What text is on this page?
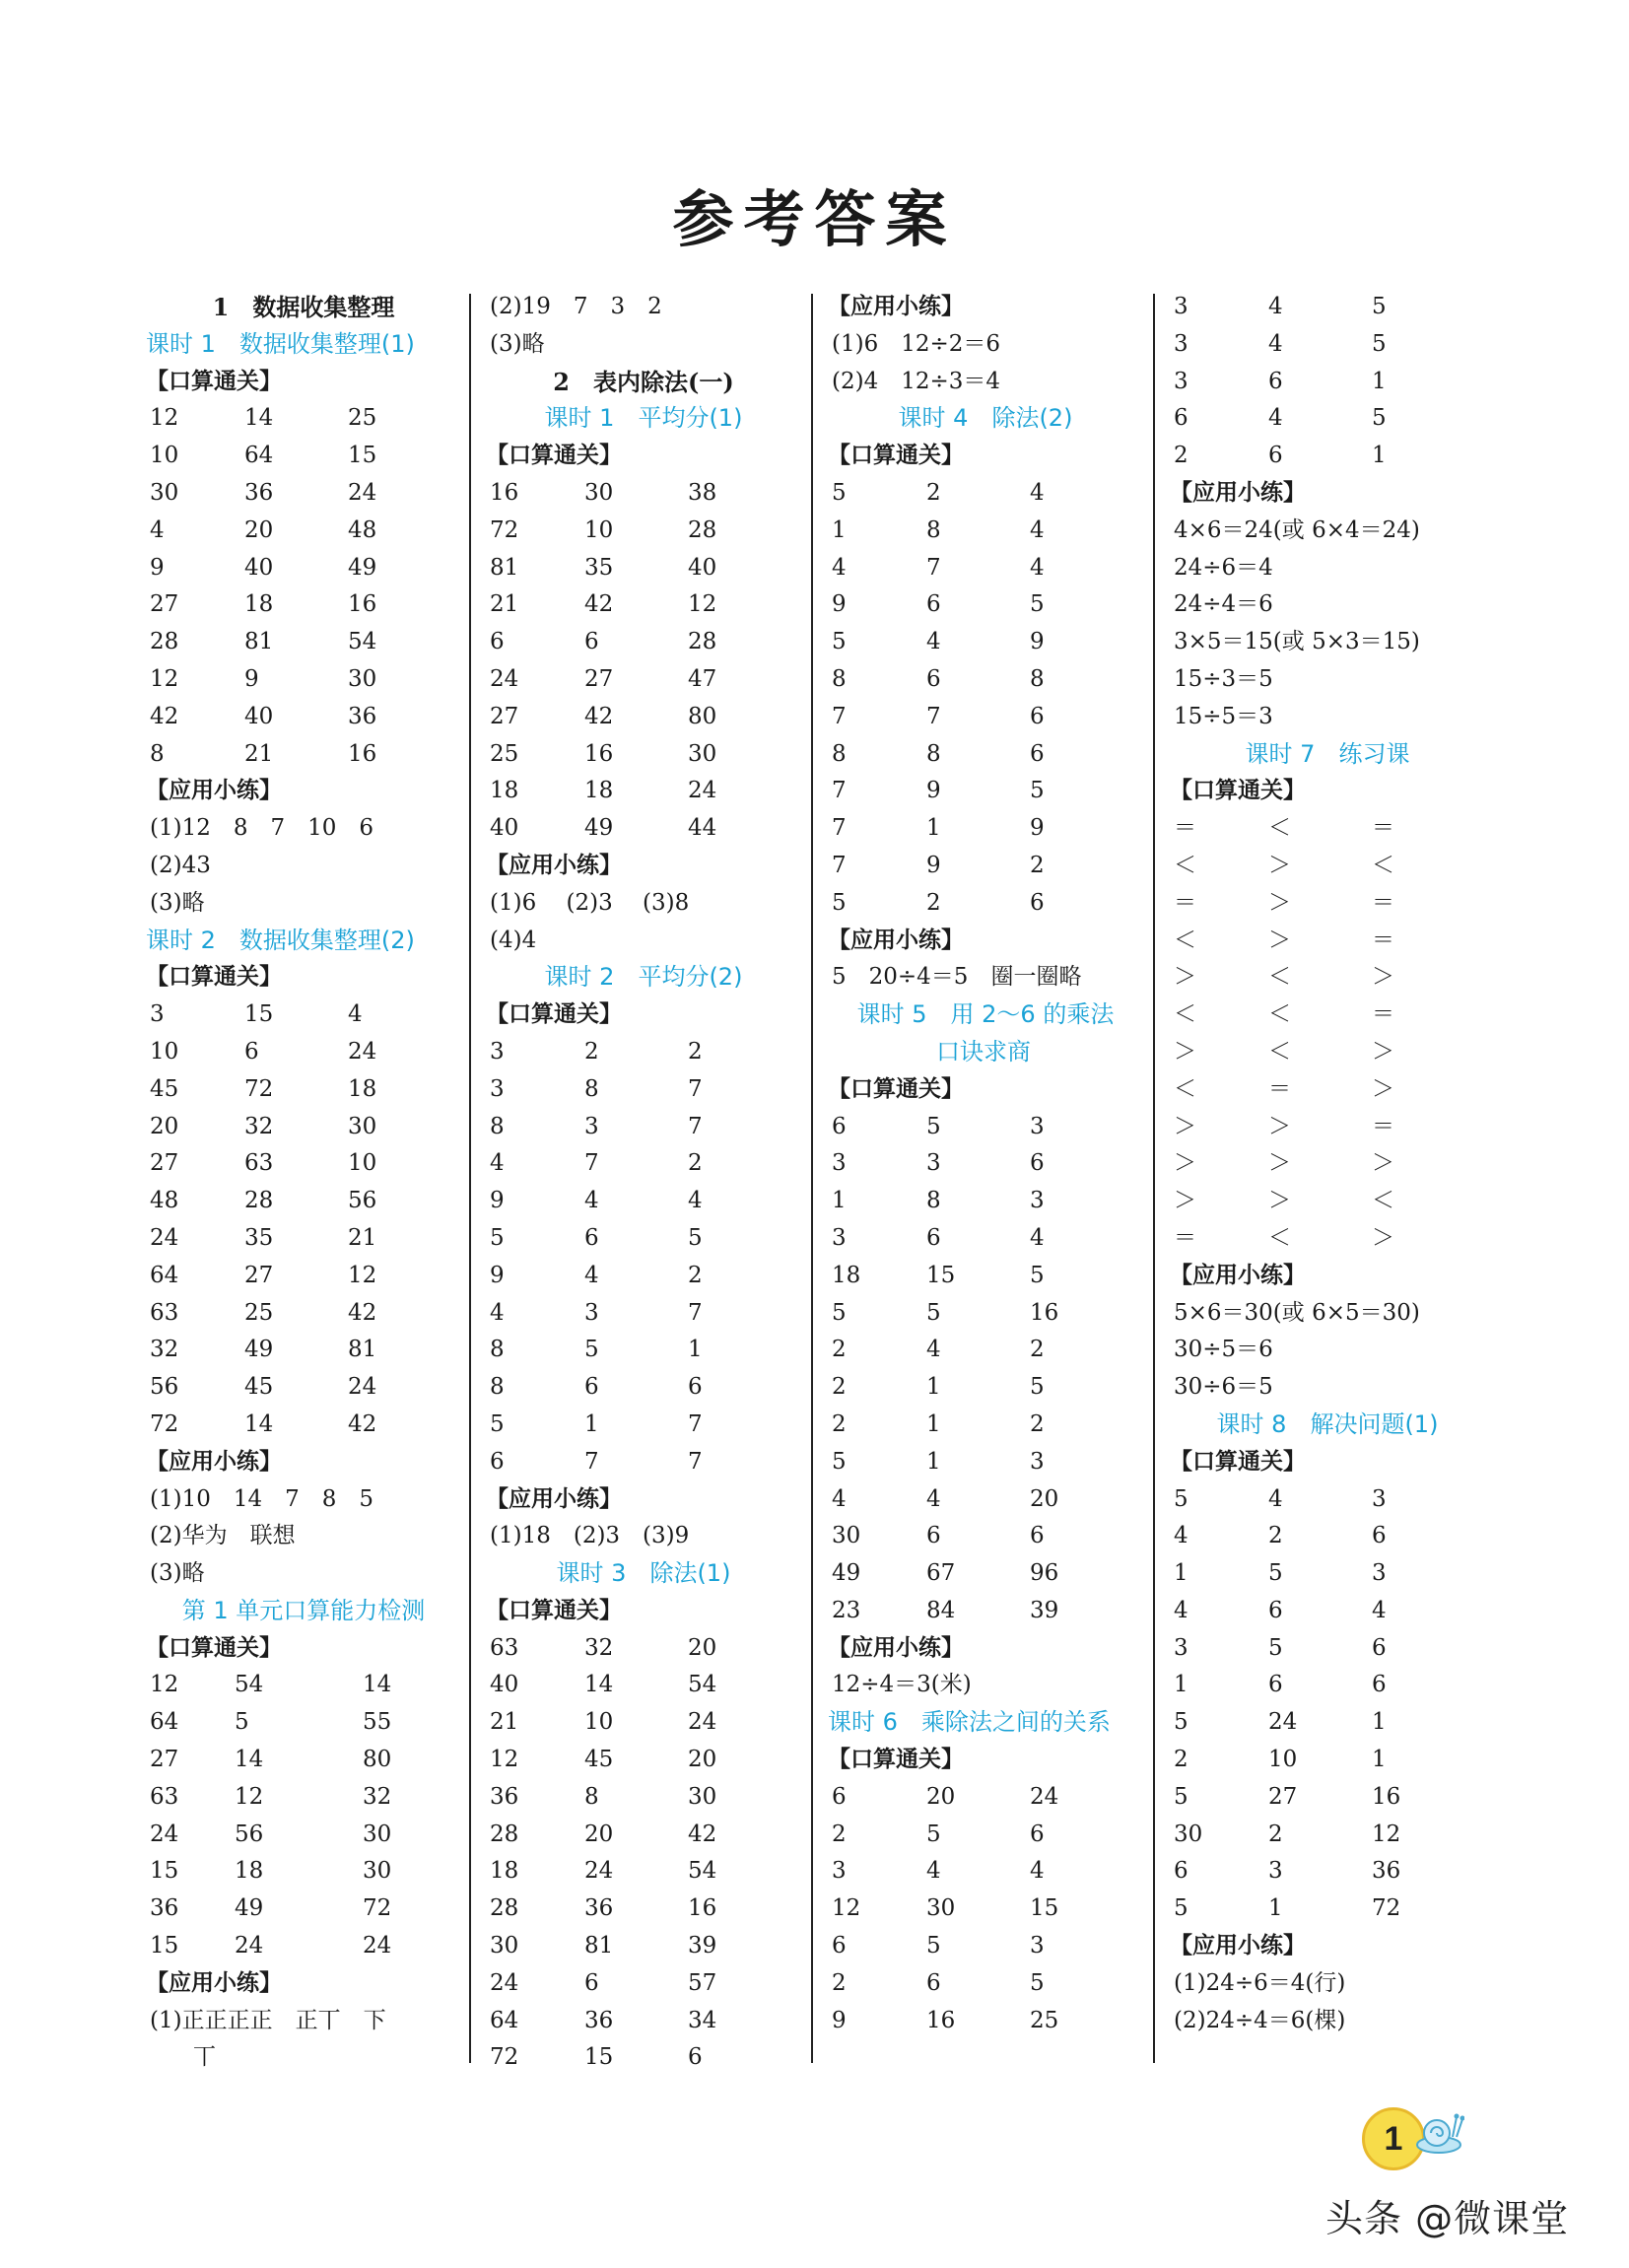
参考答案
1　数据收集整理
课时 1　数据收集整理(1)
【口算通关】
12	14	25
10	64	15
30	36	24
4	20	48
9	40	49
27	18	16
28	81	54
12	9	30
42	40	36
8	21	16
【应用小练】
(1)12　8　7　10　6
(2)43
(3)略
课时 2　数据收集整理(2)
【口算通关】
3	15	4
10	6	24
45	72	18
20	32	30
27	63	10
48	28	56
24	35	21
64	27	12
63	25	42
32	49	81
56	45	24
72	14	42
【应用小练】
(1)10　14　7　8　5
(2)华为　联想
(3)略
第 1 单元口算能力检测
【口算通关】
12 54	14
64 5	55
27 14	80
63 12	32
24 56	30
15 18	30
36 49	72
15 24	24
【应用小练】
(1)正正正正　正丅　下
丅
(2)19　7　3　2
(3)略
2　表内除法(一)
课时 1　平均分(1)
【口算通关】
16	30	38
72	10	28
81	35	40
21	42	12
6	6	28
24	27	47
27	42	80
25	16	30
18	18	24
40	49	44
【应用小练】
(1)6　 (2)3　 (3)8
(4)4
课时 2　平均分(2)
【口算通关】
3	2	2
3	8	7
8	3	7
4	7	2
9	4	4
5	6	5
9	4	2
4	3	7
8	5	1
8	6	6
5	1	7
6	7	7
【应用小练】
(1)18　(2)3　(3)9
课时 3　除法(1)
【口算通关】
63	32	20
40	14	54
21	10	24
12	45	20
36	8	30
28	20	42
18	24	54
28	36	16
30	81	39
24	6	57
64	36	34
72	15	6
【应用小练】
(1)6　12÷2＝6
(2)4　12÷3＝4
课时 4　除法(2)
【口算通关】
5	2	4
1	8	4
4	7	4
9	6	5
5	4	9
8	6	8
7	7	6
8	8	6
7	9	5
7	1	9
7	9	2
5	2	6
【应用小练】
5　20÷4＝5　圈一圈略
课时 5　用 2～6 的乘法
口诀求商
【口算通关】
6	5	3
3	3	6
1	8	3
3	6	4
18	15	5
5	5	16
2	4	2
2	1	5
2	1	2
5	1	3
4	4	20
30	6	6
49	67	96
23	84	39
【应用小练】
12÷4＝3(米)
课时 6　乘除法之间的关系
【口算通关】
6	20	24
2	5	6
3	4	4
12	30	15
6	5	3
2	6	5
9	16	25
3	4	5
3	4	5
3	6	1
6	4	5
2	6	1
【应用小练】
4×6＝24(或 6×4＝24)
24÷6＝4
24÷4＝6
3×5＝15(或 5×3＝15)
15÷3＝5
15÷5＝3
课时 7　练习课
【口算通关】
＝	＜	＝
＜	＞	＜
＝	＞	＝
＜	＞	＝
＞	＜	＞
＜	＜	＝
＞	＜	＞
＜	＝	＞
＞	＞	＝
＞	＞	＞
＞	＞	＜
＝	＜	＞
【应用小练】
5×6＝30(或 6×5＝30)
30÷5＝6
30÷6＝5
课时 8　解决问题(1)
【口算通关】
5	4	3
4	2	6
1	5	3
4	6	4
3	5	6
1	6	6
5	24	1
2	10	1
5	27	16
30	2	12
6	3	36
5	1	72
【应用小练】
(1)24÷6＝4(行)
(2)24÷4＝6(棵)
1
头条 @微课堂
